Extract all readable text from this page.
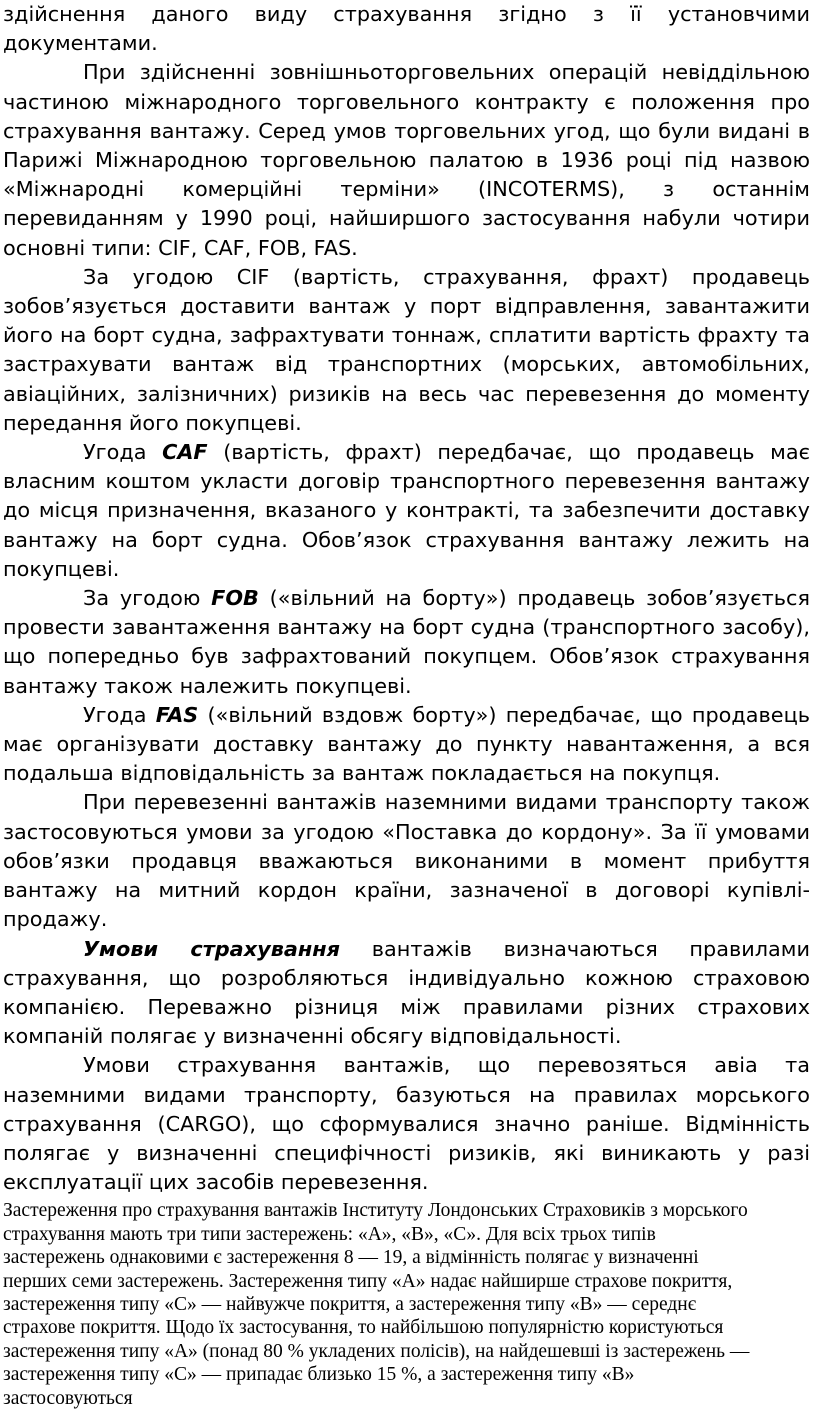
здійснення даного виду страхування згідно з її установчими документами.

При здійсненні зовнішньоторговельних операцій невіддільною частиною міжнародного торговельного контракту є положення про страхування вантажу. Серед умов торговельних угод, що були видані в Парижі Міжнародною торговельною палатою в 1936 році під назвою «Міжнародні комерційні терміни» (INCOTERMS), з останнім перевиданням у 1990 році, найширшого застосування набули чотири основні типи: CIF, CAF, FOB, FAS.

За угодою CIF (вартість, страхування, фрахт) продавець зобов’язується доставити вантаж у порт відправлення, завантажити його на борт судна, зафрахтувати тоннаж, сплатити вартість фрахту та застрахувати вантаж від транспортних (морських, автомобільних, авіаційних, залізничних) ризиків на весь час перевезення до моменту передання його покупцеві.

Угода CAF (вартість, фрахт) передбачає, що продавець має власним коштом укласти договір транспортного перевезення вантажу до місця призначення, вказаного у контракті, та забезпечити доставку вантажу на борт судна. Обов’язок страхування вантажу лежить на покупцеві.

За угодою FOB («вільний на борту») продавець зобов’язується провести завантаження вантажу на борт судна (транспортного засобу), що попередньо був зафрахтований покупцем. Обов’язок страхування вантажу також належить покупцеві.

Угода FAS («вільний вздовж борту») передбачає, що продавець має організувати доставку вантажу до пункту навантаження, а вся подальша відповідальність за вантаж покладається на покупця.

При перевезенні вантажів наземними видами транспорту також застосовуються умови за угодою «Поставка до кордону». За її умовами обов’язки продавця вважаються виконаними в момент прибуття вантажу на митний кордон країни, зазначеної в договорі купівлі-продажу.

Умови страхування вантажів визначаються правилами страхування, що розробляються індивідуально кожною страховою компанією. Переважно різниця між правилами різних страхових компаній полягає у визначенні обсягу відповідальності.

Умови страхування вантажів, що перевозяться авіа та наземними видами транспорту, базуються на правилах морського страхування (CARGO), що сформувалися значно раніше. Відмінність полягає у визначенні специфічності ризиків, які виникають у разі експлуатації цих засобів перевезення.

Застереження про страхування вантажів Інституту Лондонських Страховиків з морського

страхування мають три типи застережень: «А», «В», «С». Для всіх трьох типів

застережень однаковими є застереження 8 — 19, а відмінність полягає у визначенні

перших семи застережень. Застереження типу «А» надає найширше страхове покриття,

застереження типу «С» — найвужче покриття, а застереження типу «В» — середнє

страхове покриття. Щодо їх застосування, то найбільшою популярністю користуються

застереження типу «А» (понад 80 % укладених полісів), на найдешевші із застережень —

застереження типу «С» — припадає близько 15 %, а застереження типу «В»

застосовуються
